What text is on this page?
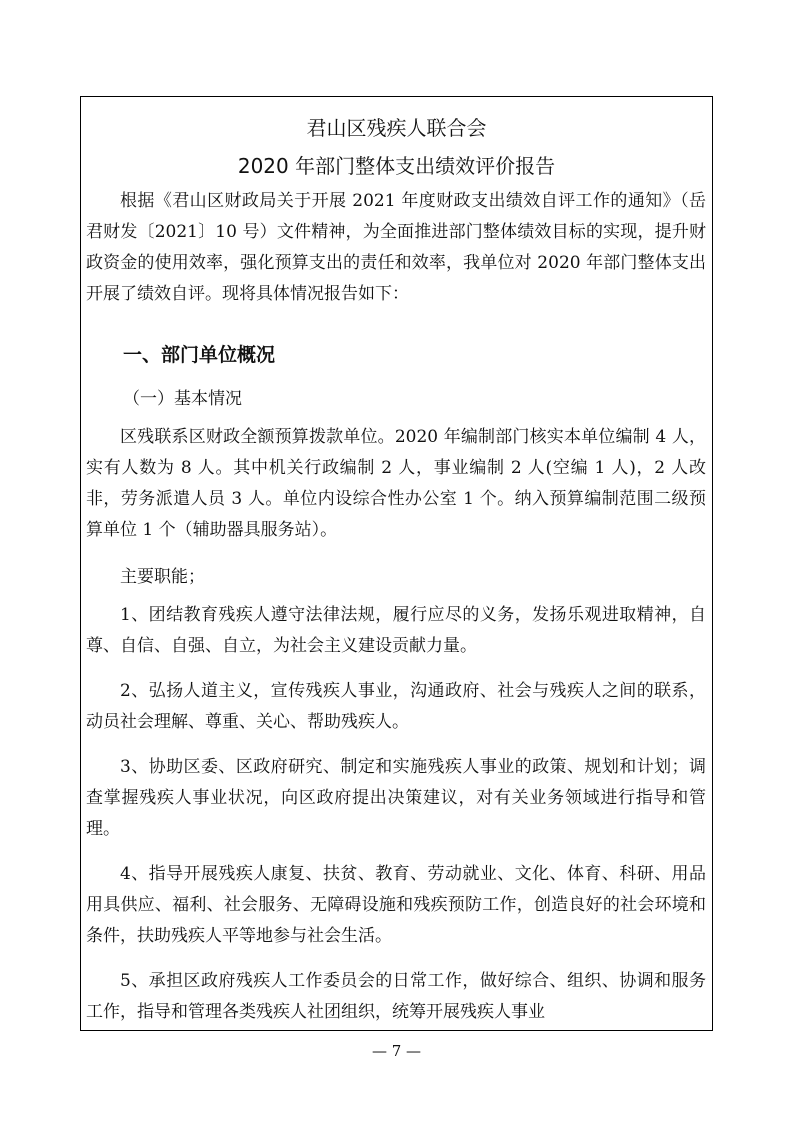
君山区残疾人联合会
2020 年部门整体支出绩效评价报告

根据《君山区财政局关于开展 2021 年度财政支出绩效自评工作的通知》（岳君财发〔2021〕10 号）文件精神，为全面推进部门整体绩效目标的实现，提升财政资金的使用效率，强化预算支出的责任和效率，我单位对 2020 年部门整体支出开展了绩效自评。现将具体情况报告如下：

一、部门单位概况

（一）基本情况

区残联系区财政全额预算拨款单位。2020 年编制部门核实本单位编制 4 人，实有人数为 8 人。其中机关行政编制 2 人，事业编制 2 人(空编 1 人)，2 人改非，劳务派遣人员 3 人。单位内设综合性办公室 1 个。纳入预算编制范围二级预算单位 1 个（辅助器具服务站）。

主要职能；

1、团结教育残疾人遵守法律法规，履行应尽的义务，发扬乐观进取精神，自尊、自信、自强、自立，为社会主义建设贡献力量。

2、弘扬人道主义，宣传残疾人事业，沟通政府、社会与残疾人之间的联系，动员社会理解、尊重、关心、帮助残疾人。

3、协助区委、区政府研究、制定和实施残疾人事业的政策、规划和计划；调查掌握残疾人事业状况，向区政府提出决策建议，对有关业务领域进行指导和管理。

4、指导开展残疾人康复、扶贫、教育、劳动就业、文化、体育、科研、用品用具供应、福利、社会服务、无障碍设施和残疾预防工作，创造良好的社会环境和条件，扶助残疾人平等地参与社会生活。

5、承担区政府残疾人工作委员会的日常工作，做好综合、组织、协调和服务工作，指导和管理各类残疾人社团组织，统筹开展残疾人事业

— 7 —
